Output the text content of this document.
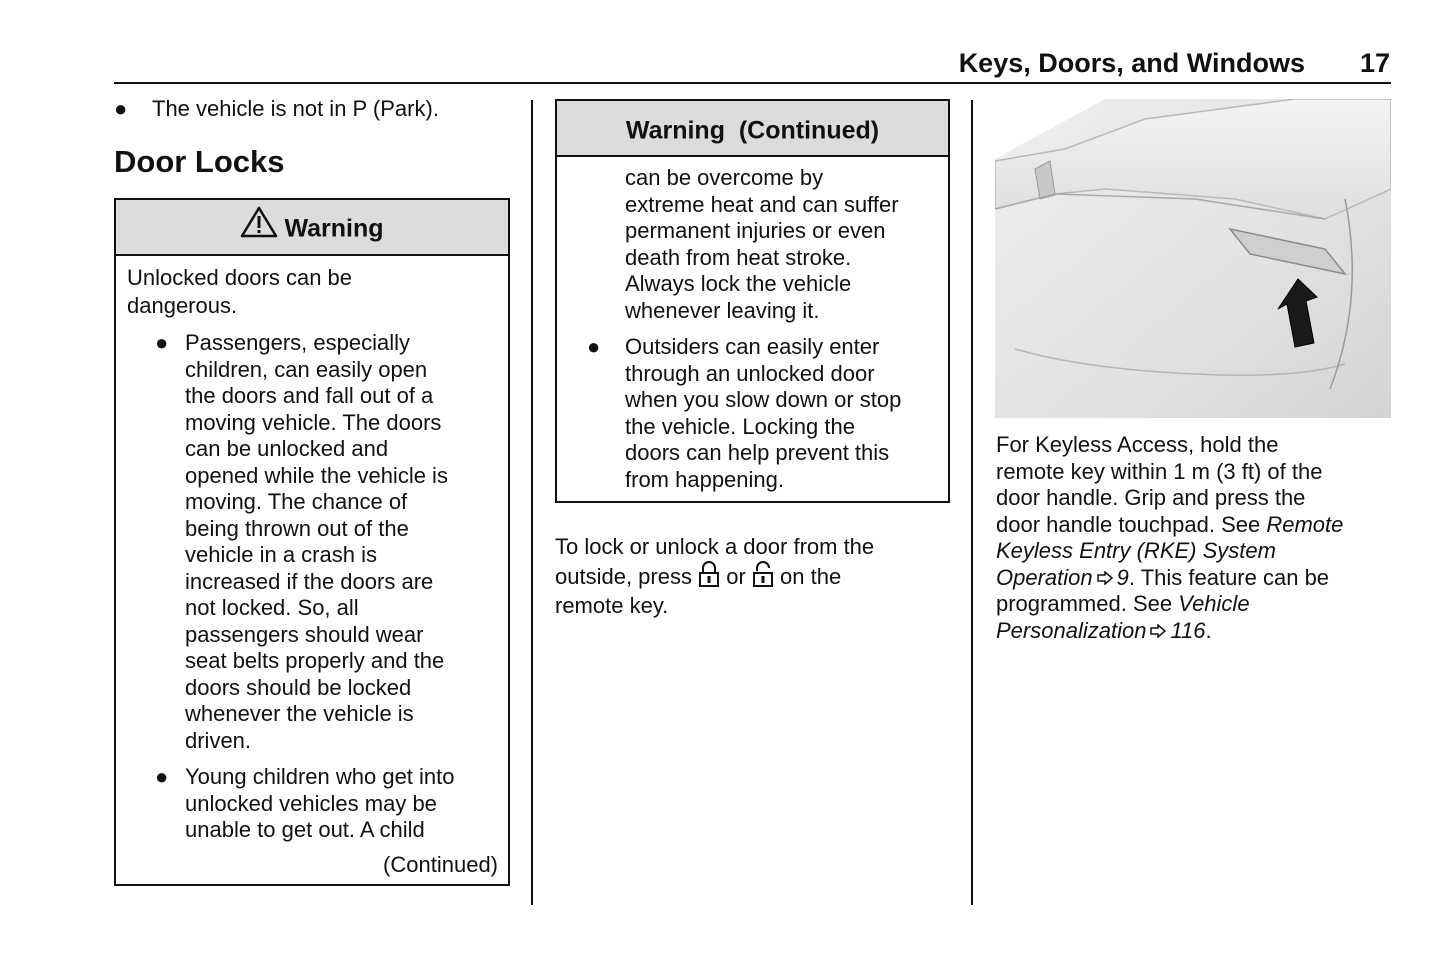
Keys, Doors, and Windows 17
● The vehicle is not in P (Park).
Door Locks
Warning
Unlocked doors can be
dangerous.
● Passengers, especially
children, can easily open
the doors and fall out of a
moving vehicle. The doors
can be unlocked and
opened while the vehicle is
moving. The chance of
being thrown out of the
vehicle in a crash is
increased if the doors are
not locked. So, all
passengers should wear
seat belts properly and the
doors should be locked
whenever the vehicle is
driven.
● Young children who get into
unlocked vehicles may be
unable to get out. A child
(Continued)
Warning  (Continued)
can be overcome by
extreme heat and can suffer
permanent injuries or even
death from heat stroke.
Always lock the vehicle
whenever leaving it.
● Outsiders can easily enter
through an unlocked door
when you slow down or stop
the vehicle. Locking the
doors can help prevent this
from happening.
To lock or unlock a door from the
outside, press or on the
remote key.
For Keyless Access, hold the
remote key within 1 m (3 ft) of the
door handle. Grip and press the
door handle touchpad. See Remote
Keyless Entry (RKE) System
Operation 9. This feature can be
programmed. See Vehicle
Personalization 116.
